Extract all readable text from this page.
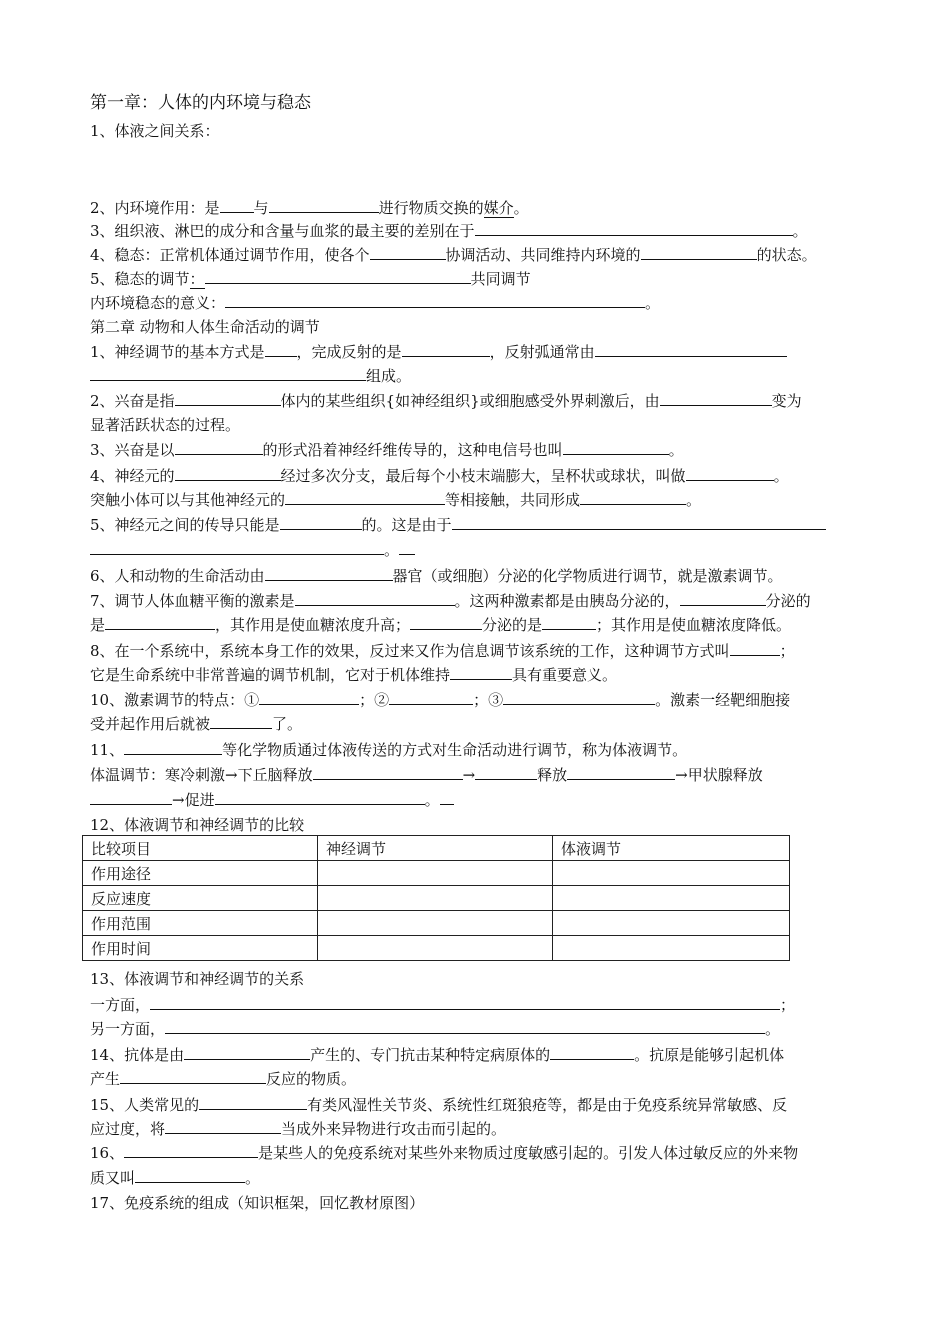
第一章：人体的内环境与稳态
1、体液之间关系：
2、内环境作用：是 与	进行物质交换的媒介。
3、组织液、淋巴的成分和含量与血浆的最主要的差别在于	。
4、稳态：正常机体通过调节作用，使各个	协调活动、共同维持内环境的	的状态。
5、稳态的调节：	共同调节
内环境稳态的意义：	。
第二章 动物和人体生命活动的调节
1、神经调节的基本方式是 ，完成反射的是	，反射弧通常由
组成。
2、兴奋是指	体内的某些组织{如神经组织}或细胞感受外界刺激后，由	变为
显著活跃状态的过程。
3、兴奋是以	的形式沿着神经纤维传导的，这种电信号也叫	。
4、神经元的	经过多次分支，最后每个小枝末端膨大，呈杯状或球状，叫做	。
突触小体可以与其他神经元的	等相接触，共同形成	。
5、神经元之间的传导只能是	的。这是由于
。
6、人和动物的生命活动由	器官（或细胞）分泌的化学物质进行调节，就是激素调节。
7、调节人体血糖平衡的激素是	。这两种激素都是由胰岛分泌的，	分泌的
是	，其作用是使血糖浓度升高；	分泌的是	；其作用是使血糖浓度降低。
8、在一个系统中，系统本身工作的效果，反过来又作为信息调节该系统的工作，这种调节方式叫	；
它是生命系统中非常普遍的调节机制，它对于机体维持	具有重要意义。
10、激素调节的特点：①	；②	；③	。激素一经靶细胞接
受并起作用后就被	了。
11、	等化学物质通过体液传送的方式对生命活动进行调节，称为体液调节。
体温调节：寒冷刺激→下丘脑释放	→	释放	→甲状腺释放
→促进	。
12、体液调节和神经调节的比较
比较项目	神经调节	体液调节
作用途径		
反应速度		
作用范围		
作用时间		
13、体液调节和神经调节的关系
一方面，	；
另一方面，	。
14、抗体是由	产生的、专门抗击某种特定病原体的	。抗原是能够引起机体
产生	反应的物质。
15、人类常见的	有类风湿性关节炎、系统性红斑狼疮等，都是由于免疫系统异常敏感、反
应过度，将	当成外来异物进行攻击而引起的。
16、	是某些人的免疫系统对某些外来物质过度敏感引起的。引发人体过敏反应的外来物
质又叫	。
17、免疫系统的组成（知识框架，回忆教材原图）
